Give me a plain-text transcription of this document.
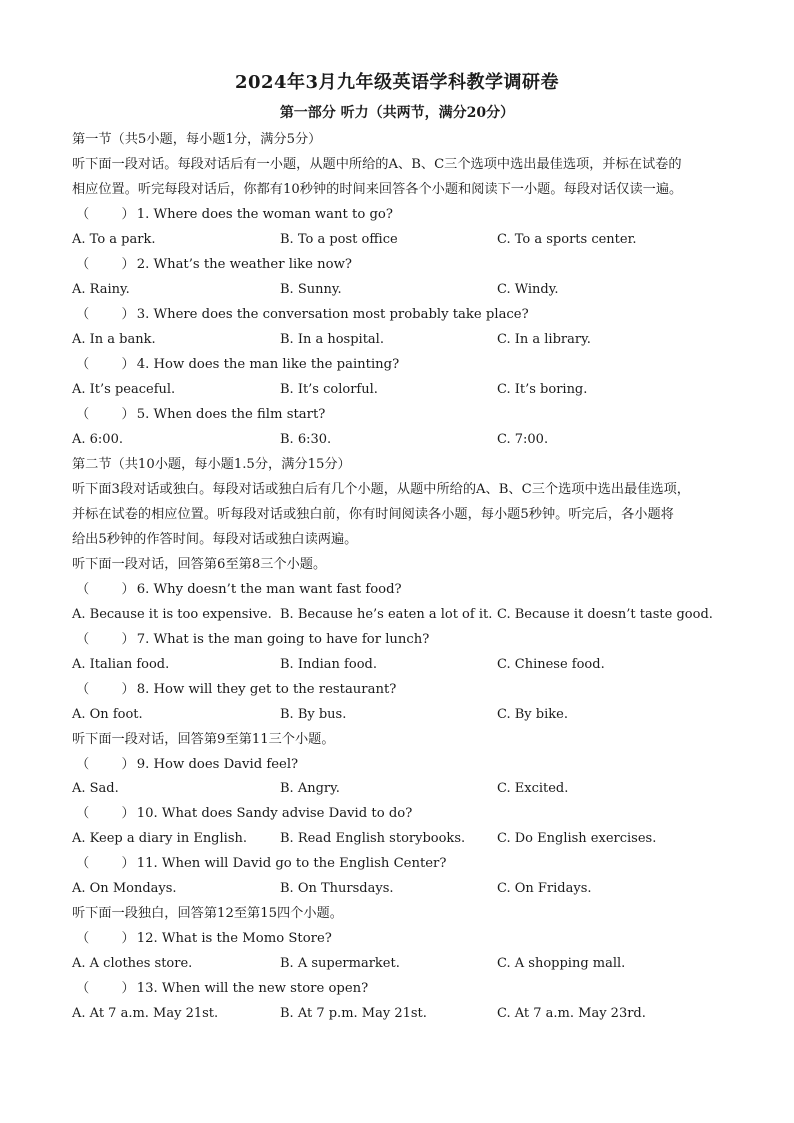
2024年3月九年级英语学科教学调研卷
第一部分 听力（共两节，满分20分）
第一节（共5小题，每小题1分，满分5分）
听下面一段对话。每段对话后有一小题，从题中所给的A、B、C三个选项中选出最佳选项，并标在试卷的
相应位置。听完每段对话后，你都有10秒钟的时间来回答各个小题和阅读下一小题。每段对话仅读一遍。
（　　）1. Where does the woman want to go?
A. To a park.	B. To a post office	C. To a sports center.
（　　）2. What’s the weather like now?
A. Rainy.	B. Sunny.	C. Windy.
（　　）3. Where does the conversation most probably take place?
A. In a bank.	B. In a hospital.	C. In a library.
（　　）4. How does the man like the painting?
A. It’s peaceful.	B. It’s colorful.	C. It’s boring.
（　　）5. When does the film start?
A. 6:00.	B. 6:30.	C. 7:00.
第二节（共10小题，每小题1.5分，满分15分）
听下面3段对话或独白。每段对话或独白后有几个小题，从题中所给的A、B、C三个选项中选出最佳选项，
并标在试卷的相应位置。听每段对话或独白前，你有时间阅读各小题，每小题5秒钟。听完后，各小题将
给出5秒钟的作答时间。每段对话或独白读两遍。
听下面一段对话，回答第6至第8三个小题。
（　　）6. Why doesn’t the man want fast food?
A. Because it is too expensive. B. Because he’s eaten a lot of it. C. Because it doesn’t taste good.
（　　）7. What is the man going to have for lunch?
A. Italian food.	B. Indian food.	C. Chinese food.
（　　）8. How will they get to the restaurant?
A. On foot.	B. By bus.	C. By bike.
听下面一段对话，回答第9至第11三个小题。
（　　）9. How does David feel?
A. Sad.	B. Angry.	C. Excited.
（　　）10. What does Sandy advise David to do?
A. Keep a diary in English.	B. Read English storybooks. C. Do English exercises.
（　　）11. When will David go to the English Center?
A. On Mondays.	B. On Thursdays.	C. On Fridays.
听下面一段独白，回答第12至第15四个小题。
（　　）12. What is the Momo Store?
A. A clothes store.	B. A supermarket.	C. A shopping mall.
（　　）13. When will the new store open?
A. At 7 a.m. May 21st.	B. At 7 p.m. May 21st.	C. At 7 a.m. May 23rd.
